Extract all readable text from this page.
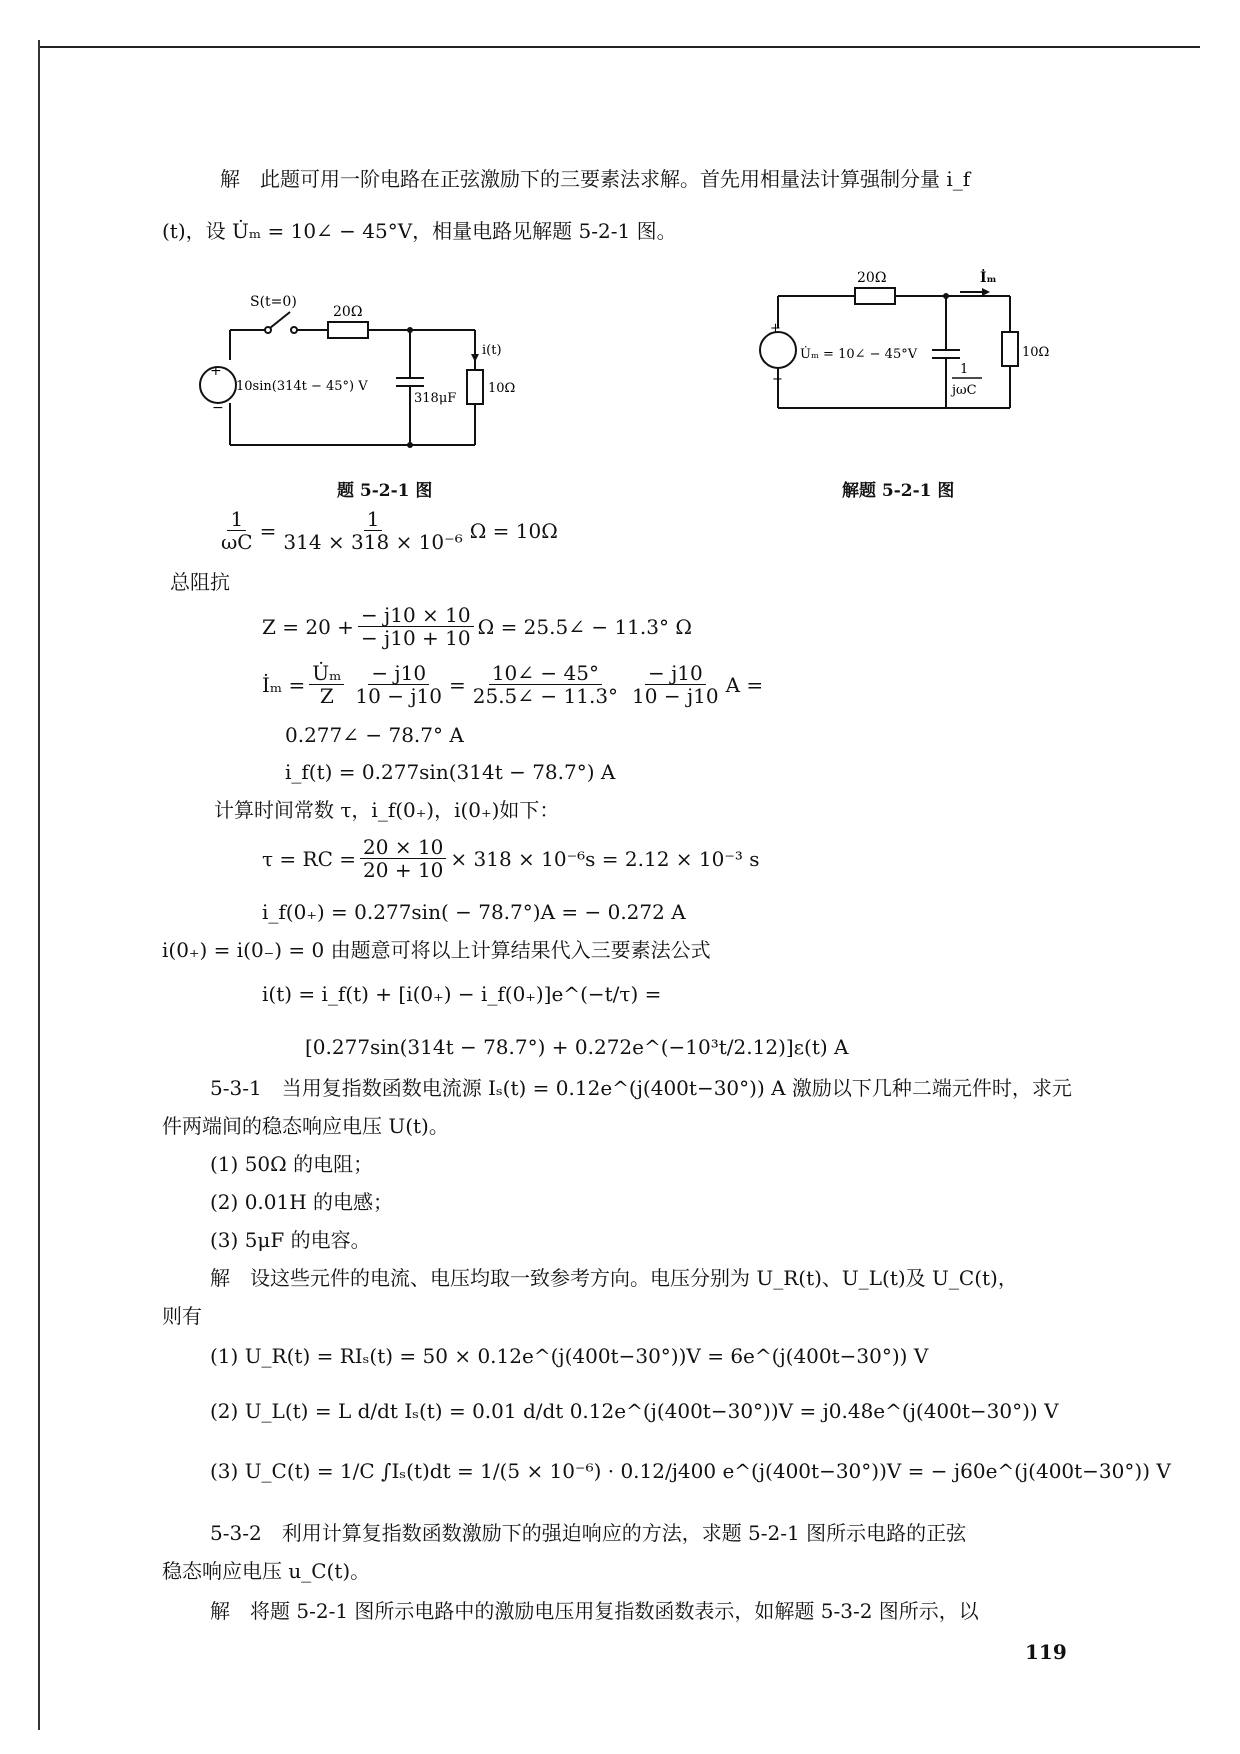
解　此题可用一阶电路在正弦激励下的三要素法求解。首先用相量法计算强制分量 i_f
(t)，设 U̇ₘ = 10∠ − 45°V，相量电路见解题 5-2-1 图。
S(t=0)
20Ω
i(t)
+
−
10sin(314t − 45°) V
318μF
10Ω
题 5-2-1 图
20Ω	İₘ
+
−
U̇ₘ = 10∠ − 45°V
1
jωC
10Ω
解题 5-2-1 图
$\frac{1}{\omega C} = \frac{1}{\text{314 × 318 × 10⁻⁶}}$ Ω = 10Ω
总阻抗
$Z = 20 + \frac{- j10 \times 10}{- j10 + 10}$ Ω = 25.5∠ − 11.3° Ω
İₘ = $\frac{\text{U̇ₘ}}{Z} \frac{- j10}{10 - j10} = \frac{10\angle - 45^\circ}{25.5\angle - 11.3^\circ} \frac{- j10}{10 - j10}$ A =
0.277∠ − 78.7° A
i_f(t) = 0.277sin(314t − 78.7°) A
计算时间常数 τ，i_f(0₊)，i(0₊)如下：
τ = RC = $\frac{20 \times 10}{20 + 10} \times 318 \times 10^{-6}s = 2.12 \times 10^{-3}$ s
i_f(0₊) = 0.277sin( − 78.7°)A = − 0.272 A
i(0₊) = i(0₋) = 0 由题意可将以上计算结果代入三要素法公式
i(t) = i_f(t) + [i(0₊) − i_f(0₊)]e^(−t/τ) =
[0.277sin(314t − 78.7°) + 0.272e^(−10³t/2.12)]ε(t) A
5-3-1　当用复指数函数电流源 Iₛ(t) = 0.12e^(j(400t−30°)) A 激励以下几种二端元件时，求元
件两端间的稳态响应电压 U(t)。
(1) 50Ω 的电阻；
(2) 0.01H 的电感；
(3) 5μF 的电容。
解　设这些元件的电流、电压均取一致参考方向。电压分别为 U_R(t)、U_L(t)及 U_C(t)，
则有
(1) U_R(t) = RIₛ(t) = 50 × 0.12e^(j(400t−30°))V = 6e^(j(400t−30°)) V
(2) U_L(t) = L d/dt Iₛ(t) = 0.01 d/dt 0.12e^(j(400t−30°))V = j0.48e^(j(400t−30°)) V
(3) U_C(t) = 1/C ∫Iₛ(t)dt = 1/(5 × 10⁻⁶) · 0.12/j400 e^(j(400t−30°))V = − j60e^(j(400t−30°)) V
5-3-2　利用计算复指数函数激励下的强迫响应的方法，求题 5-2-1 图所示电路的正弦
稳态响应电压 u_C(t)。
解　将题 5-2-1 图所示电路中的激励电压用复指数函数表示，如解题 5-3-2 图所示，以
119
